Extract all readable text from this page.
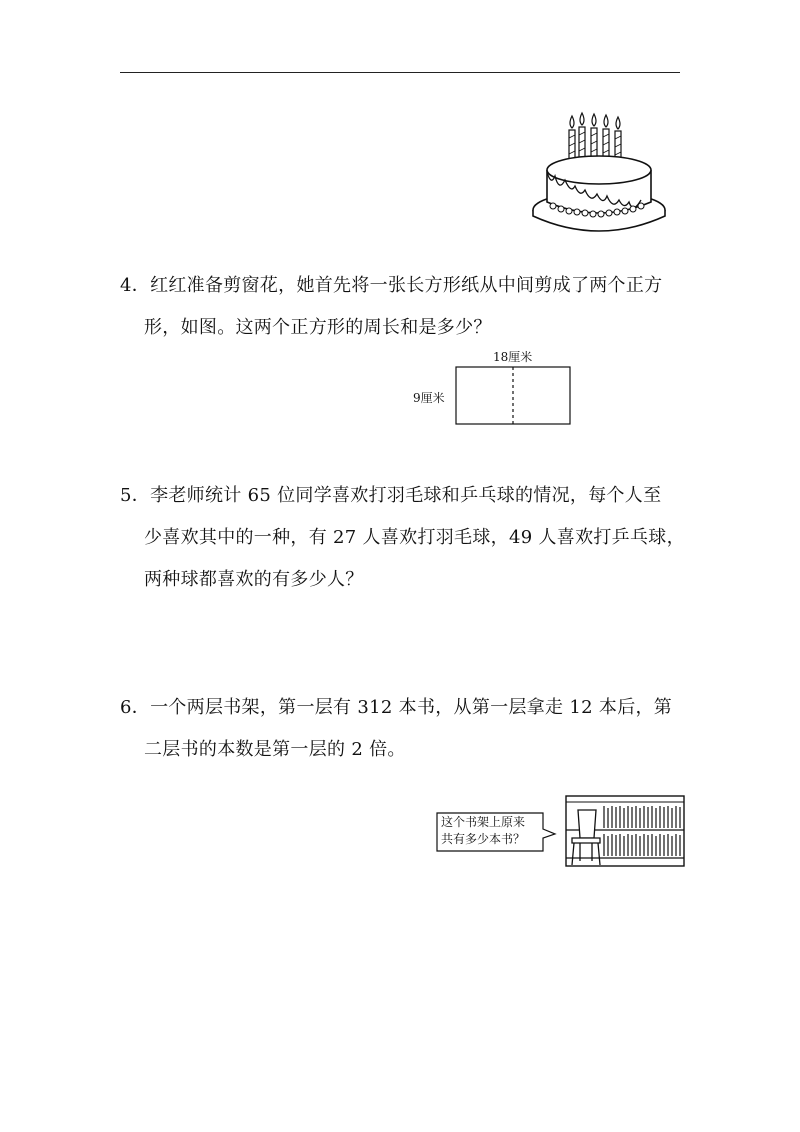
4．红红准备剪窗花，她首先将一张长方形纸从中间剪成了两个正方
形，如图。这两个正方形的周长和是多少？
18厘米
9厘米
5．李老师统计 65 位同学喜欢打羽毛球和乒乓球的情况，每个人至
少喜欢其中的一种，有 27 人喜欢打羽毛球，49 人喜欢打乒乓球，
两种球都喜欢的有多少人？
6．一个两层书架，第一层有 312 本书，从第一层拿走 12 本后，第
二层书的本数是第一层的 2 倍。
这个书架上原来
共有多少本书？
